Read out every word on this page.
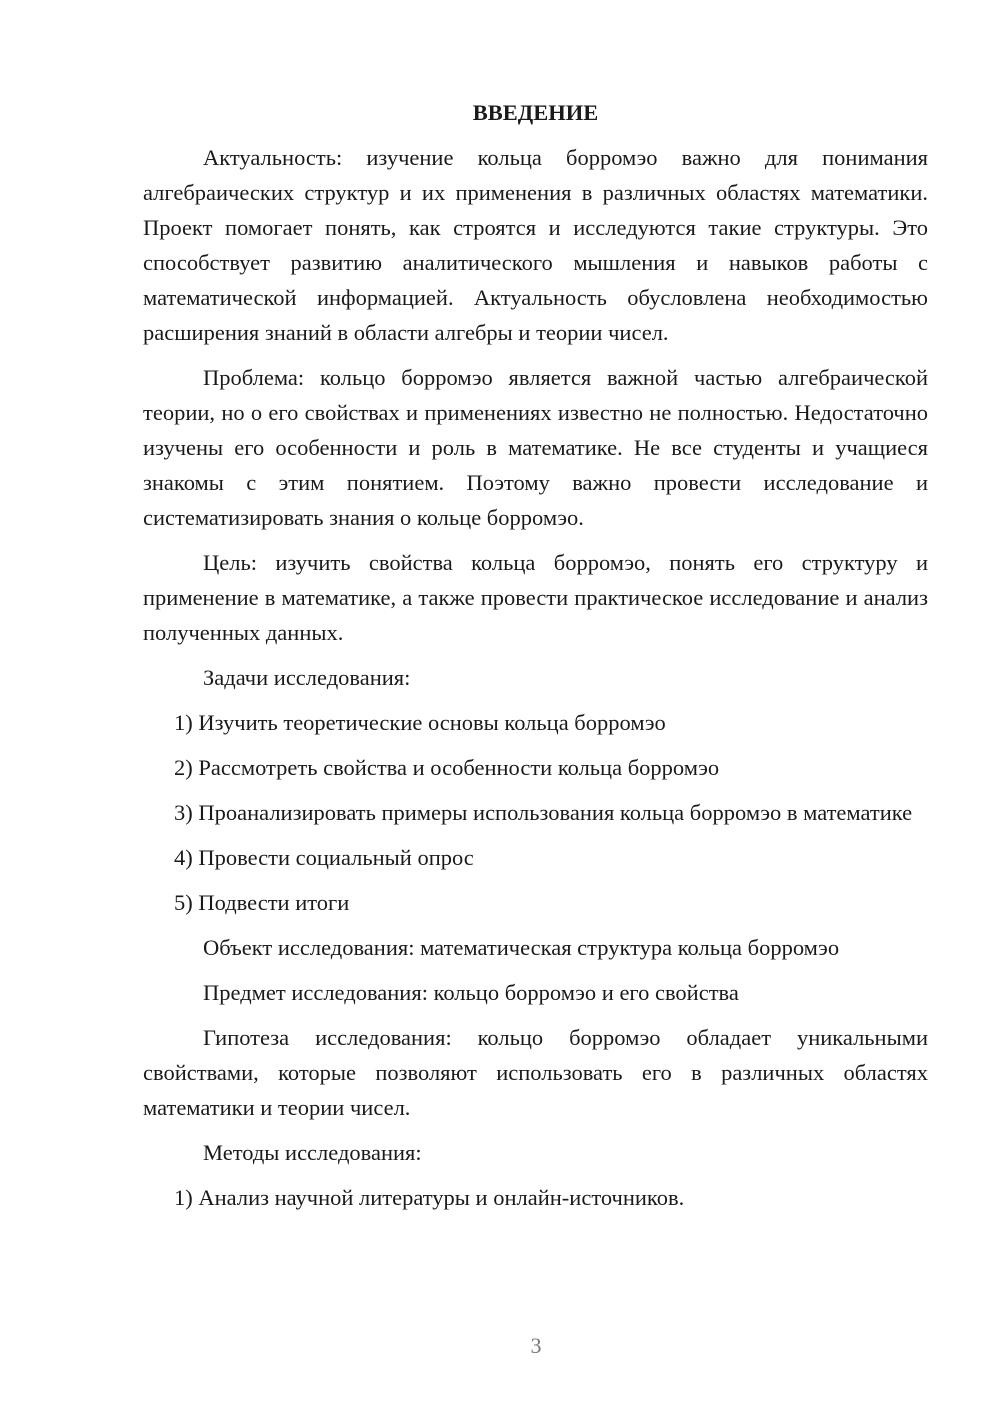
ВВЕДЕНИЕ

Актуальность: изучение кольца борромэо важно для понимания алгебраических структур и их применения в различных областях математики. Проект помогает понять, как строятся и исследуются такие структуры. Это способствует развитию аналитического мышления и навыков работы с математической информацией. Актуальность обусловлена необходимостью расширения знаний в области алгебры и теории чисел.

Проблема: кольцо борромэо является важной частью алгебраической теории, но о его свойствах и применениях известно не полностью. Недостаточно изучены его особенности и роль в математике. Не все студенты и учащиеся знакомы с этим понятием. Поэтому важно провести исследование и систематизировать знания о кольце борромэо.

Цель: изучить свойства кольца борромэо, понять его структуру и применение в математике, а также провести практическое исследование и анализ полученных данных.

Задачи исследования:

1) Изучить теоретические основы кольца борромэо

2) Рассмотреть свойства и особенности кольца борромэо

3) Проанализировать примеры использования кольца борромэо в математике

4) Провести социальный опрос

5) Подвести итоги

Объект исследования: математическая структура кольца борромэо

Предмет исследования: кольцо борромэо и его свойства

Гипотеза исследования: кольцо борромэо обладает уникальными свойствами, которые позволяют использовать его в различных областях математики и теории чисел.

Методы исследования:

1) Анализ научной литературы и онлайн-источников.

3
